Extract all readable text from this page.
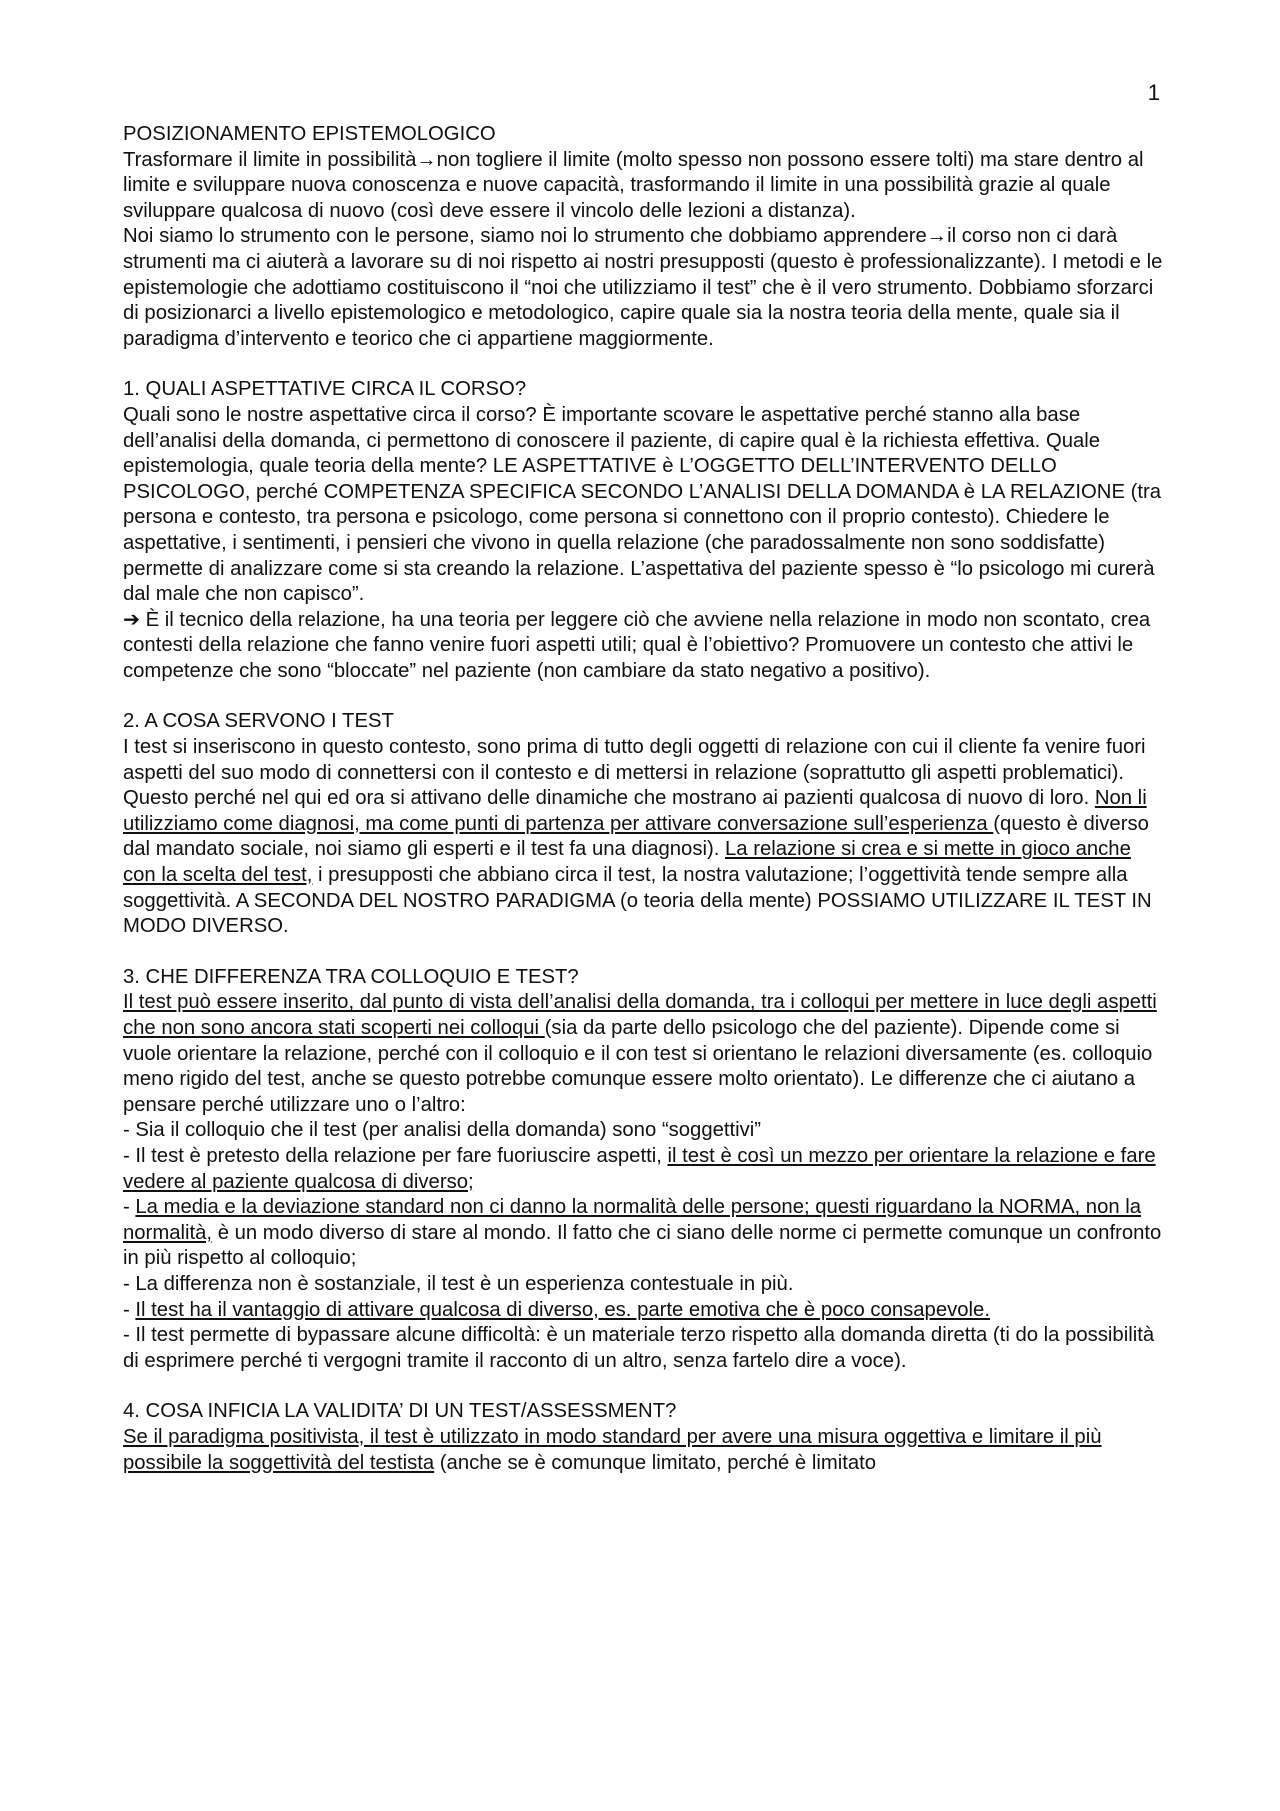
1

POSIZIONAMENTO EPISTEMOLOGICO

Trasformare il limite in possibilità→non togliere il limite (molto spesso non possono essere tolti) ma stare dentro al limite e sviluppare nuova conoscenza e nuove capacità, trasformando il limite in una possibilità grazie al quale sviluppare qualcosa di nuovo (così deve essere il vincolo delle lezioni a distanza).

Noi siamo lo strumento con le persone, siamo noi lo strumento che dobbiamo apprendere→il corso non ci darà strumenti ma ci aiuterà a lavorare su di noi rispetto ai nostri presupposti (questo è professionalizzante). I metodi e le epistemologie che adottiamo costituiscono il “noi che utilizziamo il test” che è il vero strumento. Dobbiamo sforzarci di posizionarci a livello epistemologico e metodologico, capire quale sia la nostra teoria della mente, quale sia il paradigma d’intervento e teorico che ci appartiene maggiormente.

1. QUALI ASPETTATIVE CIRCA IL CORSO?

Quali sono le nostre aspettative circa il corso? È importante scovare le aspettative perché stanno alla base dell’analisi della domanda, ci permettono di conoscere il paziente, di capire qual è la richiesta effettiva. Quale epistemologia, quale teoria della mente? LE ASPETTATIVE è L’OGGETTO DELL’INTERVENTO DELLO PSICOLOGO, perché COMPETENZA SPECIFICA SECONDO L’ANALISI DELLA DOMANDA è LA RELAZIONE (tra persona e contesto, tra persona e psicologo, come persona si connettono con il proprio contesto). Chiedere le aspettative, i sentimenti, i pensieri che vivono in quella relazione (che paradossalmente non sono soddisfatte) permette di analizzare come si sta creando la relazione. L’aspettativa del paziente spesso è “lo psicologo mi curerà dal male che non capisco”.

➔ È il tecnico della relazione, ha una teoria per leggere ciò che avviene nella relazione in modo non scontato, crea contesti della relazione che fanno venire fuori aspetti utili; qual è l’obiettivo? Promuovere un contesto che attivi le competenze che sono “bloccate” nel paziente (non cambiare da stato negativo a positivo).

2. A COSA SERVONO I TEST

I test si inseriscono in questo contesto, sono prima di tutto degli oggetti di relazione con cui il cliente fa venire fuori aspetti del suo modo di connettersi con il contesto e di mettersi in relazione (soprattutto gli aspetti problematici). Questo perché nel qui ed ora si attivano delle dinamiche che mostrano ai pazienti qualcosa di nuovo di loro. Non li utilizziamo come diagnosi, ma come punti di partenza per attivare conversazione sull’esperienza (questo è diverso dal mandato sociale, noi siamo gli esperti e il test fa una diagnosi). La relazione si crea e si mette in gioco anche con la scelta del test, i presupposti che abbiano circa il test, la nostra valutazione; l’oggettività tende sempre alla soggettività. A SECONDA DEL NOSTRO PARADIGMA (o teoria della mente) POSSIAMO UTILIZZARE IL TEST IN MODO DIVERSO.

3. CHE DIFFERENZA TRA COLLOQUIO E TEST?

Il test può essere inserito, dal punto di vista dell’analisi della domanda, tra i colloqui per mettere in luce degli aspetti che non sono ancora stati scoperti nei colloqui (sia da parte dello psicologo che del paziente). Dipende come si vuole orientare la relazione, perché con il colloquio e il con test si orientano le relazioni diversamente (es. colloquio meno rigido del test, anche se questo potrebbe comunque essere molto orientato). Le differenze che ci aiutano a pensare perché utilizzare uno o l’altro:

- Sia il colloquio che il test (per analisi della domanda) sono “soggettivi”

- Il test è pretesto della relazione per fare fuoriuscire aspetti, il test è così un mezzo per orientare la relazione e fare vedere al paziente qualcosa di diverso;

- La media e la deviazione standard non ci danno la normalità delle persone; questi riguardano la NORMA, non la normalità, è un modo diverso di stare al mondo. Il fatto che ci siano delle norme ci permette comunque un confronto in più rispetto al colloquio;

- La differenza non è sostanziale, il test è un esperienza contestuale in più.

- Il test ha il vantaggio di attivare qualcosa di diverso, es. parte emotiva che è poco consapevole.

- Il test permette di bypassare alcune difficoltà: è un materiale terzo rispetto alla domanda diretta (ti do la possibilità di esprimere perché ti vergogni tramite il racconto di un altro, senza fartelo dire a voce).

4. COSA INFICIA LA VALIDITA’ DI UN TEST/ASSESSMENT?

Se il paradigma positivista, il test è utilizzato in modo standard per avere una misura oggettiva e limitare il più possibile la soggettività del testista (anche se è comunque limitato, perché è limitato
